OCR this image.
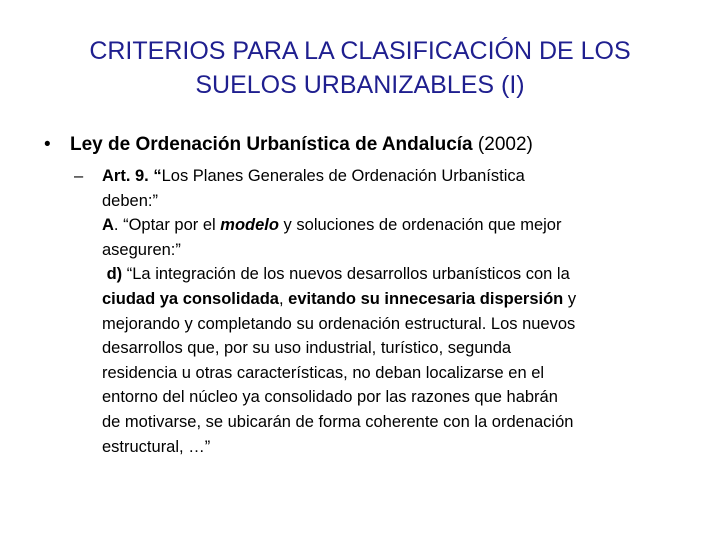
CRITERIOS PARA LA CLASIFICACIÓN DE LOS
SUELOS URBANIZABLES (I)
• Ley de Ordenación Urbanística de Andalucía (2002)
– Art. 9. “Los Planes Generales de Ordenación Urbanística
deben:”
A. “Optar por el modelo y soluciones de ordenación que mejor
aseguren:”
d) “La integración de los nuevos desarrollos urbanísticos con la
ciudad ya consolidada, evitando su innecesaria dispersión y
mejorando y completando su ordenación estructural. Los nuevos
desarrollos que, por su uso industrial, turístico, segunda
residencia u otras características, no deban localizarse en el
entorno del núcleo ya consolidado por las razones que habrán
de motivarse, se ubicarán de forma coherente con la ordenación
estructural, …”
